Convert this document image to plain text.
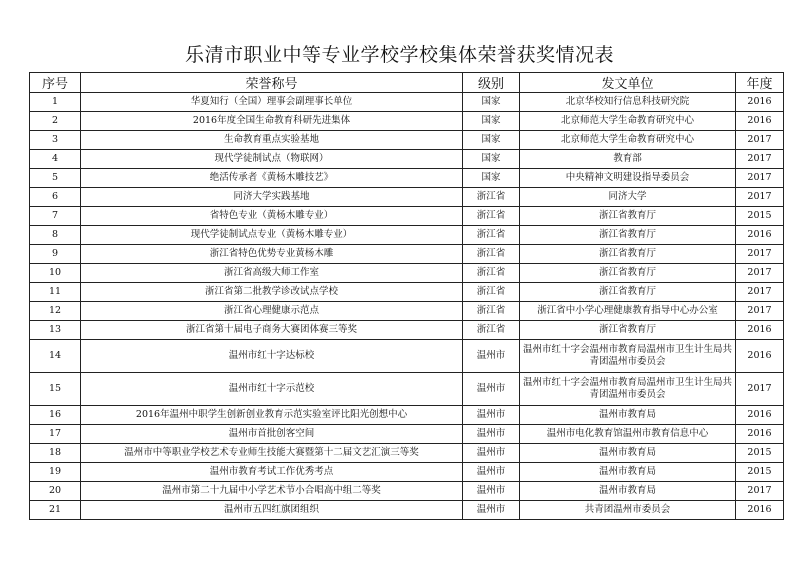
乐清市职业中等专业学校学校集体荣誉获奖情况表
序号	荣誉称号	级别	发文单位	年度
1	华夏知行（全国）理事会副理事长单位	国家	北京华校知行信息科技研究院	2016
2	2016年度全国生命教育科研先进集体	国家	北京师范大学生命教育研究中心	2016
3	生命教育重点实验基地	国家	北京师范大学生命教育研究中心	2017
4	现代学徒制试点（物联网）	国家	教育部	2017
5	绝活传承者《黄杨木雕技艺》	国家	中央精神文明建设指导委员会	2017
6	同济大学实践基地	浙江省	同济大学	2017
7	省特色专业（黄杨木雕专业）	浙江省	浙江省教育厅	2015
8	现代学徒制试点专业（黄杨木雕专业）	浙江省	浙江省教育厅	2016
9	浙江省特色优势专业黄杨木雕	浙江省	浙江省教育厅	2017
10	浙江省高级大师工作室	浙江省	浙江省教育厅	2017
11	浙江省第二批教学诊改试点学校	浙江省	浙江省教育厅	2017
12	浙江省心理健康示范点	浙江省	浙江省中小学心理健康教育指导中心办公室	2017
13	浙江省第十届电子商务大赛团体赛三等奖	浙江省	浙江省教育厅	2016
14	温州市红十字达标校	温州市	温州市红十字会温州市教育局温州市卫生计生局共青团温州市委员会	2016
15	温州市红十字示范校	温州市	温州市红十字会温州市教育局温州市卫生计生局共青团温州市委员会	2017
16	2016年温州中职学生创新创业教育示范实验室评比阳光创想中心	温州市	温州市教育局	2016
17	温州市首批创客空间	温州市	温州市电化教育馆温州市教育信息中心	2016
18	温州市中等职业学校艺术专业师生技能大赛暨第十二届文艺汇演三等奖	温州市	温州市教育局	2015
19	温州市教育考试工作优秀考点	温州市	温州市教育局	2015
20	温州市第二十九届中小学艺术节小合唱高中组二等奖	温州市	温州市教育局	2017
21	温州市五四红旗团组织	温州市	共青团温州市委员会	2016
